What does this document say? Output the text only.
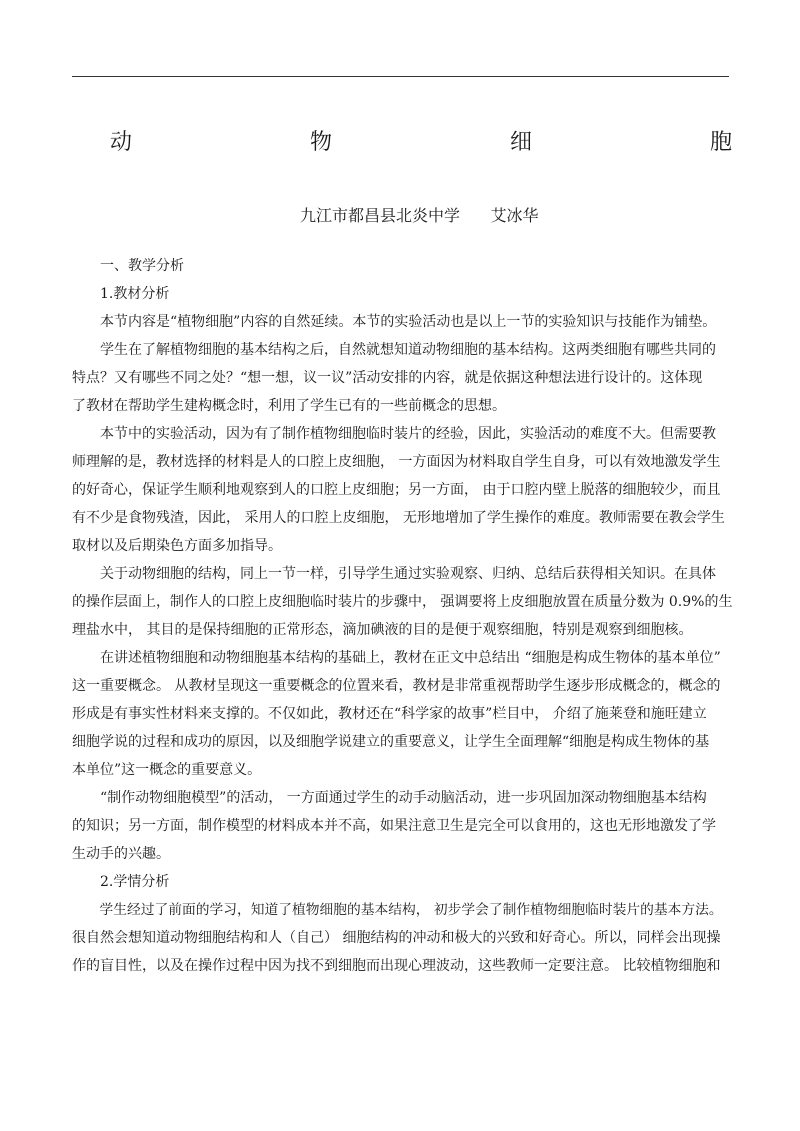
动	物	细	胞
九江市都昌县北炎中学      艾冰华

一、教学分析

1.教材分析

本节内容是“植物细胞”内容的自然延续。本节的实验活动也是以上一节的实验知识与技能作为铺垫。

学生在了解植物细胞的基本结构之后，自然就想知道动物细胞的基本结构。这两类细胞有哪些共同的

特点？又有哪些不同之处？“想一想，议一议”活动安排的内容，就是依据这种想法进行设计的。这体现

了教材在帮助学生建构概念时，利用了学生已有的一些前概念的思想。

本节中的实验活动，因为有了制作植物细胞临时装片的经验，因此，实验活动的难度不大。但需要教

师理解的是，教材选择的材料是人的口腔上皮细胞， 一方面因为材料取自学生自身，可以有效地激发学生

的好奇心，保证学生顺利地观察到人的口腔上皮细胞；另一方面， 由于口腔内壁上脱落的细胞较少，而且

有不少是食物残渣，因此， 采用人的口腔上皮细胞， 无形地增加了学生操作的难度。教师需要在教会学生

取材以及后期染色方面多加指导。

关于动物细胞的结构，同上一节一样，引导学生通过实验观察、归纳、总结后获得相关知识。在具体

的操作层面上，制作人的口腔上皮细胞临时装片的步骤中， 强调要将上皮细胞放置在质量分数为 0.9%的生

理盐水中， 其目的是保持细胞的正常形态，滴加碘液的目的是便于观察细胞，特别是观察到细胞核。

在讲述植物细胞和动物细胞基本结构的基础上，教材在正文中总结出 “细胞是构成生物体的基本单位”

这一重要概念。 从教材呈现这一重要概念的位置来看，教材是非常重视帮助学生逐步形成概念的，概念的

形成是有事实性材料来支撑的。不仅如此，教材还在“科学家的故事”栏目中， 介绍了施莱登和施旺建立

细胞学说的过程和成功的原因，以及细胞学说建立的重要意义，让学生全面理解“细胞是构成生物体的基

本单位”这一概念的重要意义。

“制作动物细胞模型”的活动， 一方面通过学生的动手动脑活动，进一步巩固加深动物细胞基本结构

的知识；另一方面，制作模型的材料成本并不高，如果注意卫生是完全可以食用的，这也无形地激发了学

生动手的兴趣。

2.学情分析

学生经过了前面的学习，知道了植物细胞的基本结构， 初步学会了制作植物细胞临时装片的基本方法。

很自然会想知道动物细胞结构和人（自己） 细胞结构的冲动和极大的兴致和好奇心。所以，同样会出现操

作的盲目性，以及在操作过程中因为找不到细胞而出现心理波动，这些教师一定要注意。 比较植物细胞和
